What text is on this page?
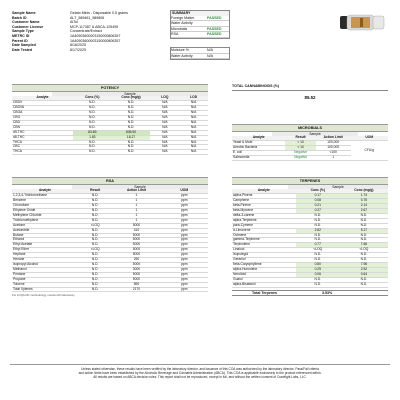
Sample Name	Gelato Minis - Disposable 0.5 grams
Batch ID	ALT_589461_589806
Customer Name	AlTol
Customer License	MCP-117387 & ABCA-125495
Sample Type	Concentrate/Extract
METRC ID	1A40903600003150000806357
Parent ID	1A40903600003150000806357
Date Sampled	8/16/2025
Date Tested	8/17/2025
SUMMARY
Foreign Matter	PASSED
Water Activity
Microbials	PASSED
RSA	PASSED
Moisture %	N/A
Water Activity	N/A
POTENCY
Sample
Analyte	Conc (%)	Conc (mg/g)	LOQ	LOD
CBDV	N.D.	N.D.	N/A	N/A
CBDVA	N.D.	N.D.	N/A	N/A
CBGA	N.D.	N.D.	N/A	N/A
CBG	N.D.	N.D.	N/A	N/A
CBD	N.D.	N.D.	N/A	N/A
CBN	N.D.	N.D.	N/A	N/A
d9-THC	83.69	836.90	N/A	N/A
d8-THC	1.83	18.27	N/A	N/A
THCA	N.D.	N.D.	N/A	N/A
CBC	N.D.	N.D.	N/A	N/A
THCA	N.D.	N.D.	N/A	N/A
TOTAL CANNABINOIDS (%)
85.52
MICROBIALS
Sample
Analyte	Result	Action Limit	UOM
Yeast & Mold	< 10	100,000	CFU/g
Aerobic Bacteria	< 10	100,000	
E. coli	Negative	<100	
Salmonella	Negative	1	
RSA
Sample
Analyte	Result	Action Limit	UOM
1,2,3,4-Trichloroethane	N.D.	1	ppm
Benzene	N.D.	1	ppm
Chloroform	N.D.	1	ppm
Ethylene Oxide	N.D.	1	ppm
Methylene Chloride	N.D.	1	ppm
Trichloroethylene	N.D.	1	ppm
Acetone	<LOQ	5000	ppm
Acetonitrile	N.D.	410	ppm
Butane	N.D.	5000	ppm
Ethanol	N.D.	5000	ppm
Ethyl Acetate	N.D.	5000	ppm
Ethyl Ether	<LOQ	5000	ppm
Heptane	N.D.	5000	ppm
Hexane	N.D.	290	ppm
Isopropyl Alcohol	N.D.	5000	ppm
Methanol	N.D.	3000	ppm
Pentane	N.D.	5000	ppm
Propane	N.D.	5000	ppm
Toluene	N.D.	890	ppm
Total Xylenes	N.D.	2170	ppm
For LOQ/LOD methodology, results with laboratory
TERPENES
Sample
Analyte	Conc (%)	Conc (mg/g)
alpha-Pinene	0.17	1.74
Camphene	0.08	0.75
beta-Pinene	0.21	2.14
beta-Myrcene	0.27	2.67
delta-3-carene	N.D.	N.D.
alpha-Terpinene	N.D.	N.D.
para-Cymene	N.D.	N.D.
d-Limonene	2.82	5.17
Ocimene	N.D.	N.D.
gamma-Terpinene	N.D.	N.D.
Terpinolene	0.77	7.66
Linalool	<LOQ	<LOQ
Isopulegol	N.D.	N.D.
Geraniol	N.D.	N.D.
beta-Caryophyllene	0.80	7.96
alpha-Humulene	0.25	2.52
Nerolidol	0.06	0.64
Guaiol	N.D.	N.D.
alpha-Bisabolol	N.D.	N.D.
Total Terpenes	3.53%
Unless stated otherwise, these results have been verified by the laboratory director, and issuance of this COA was authorized by the laboratory director. Pass/Fail criteria
and action limits have been established by the Alcoholic Beverage and Cannabis Administration (ABCA). This COA is applicable exclusively to the product referenced within.
All results are based on ABCA decision rules. This report shall not be reproduced, except in full, and without the written consent of Crawfight Labs, LLC.
